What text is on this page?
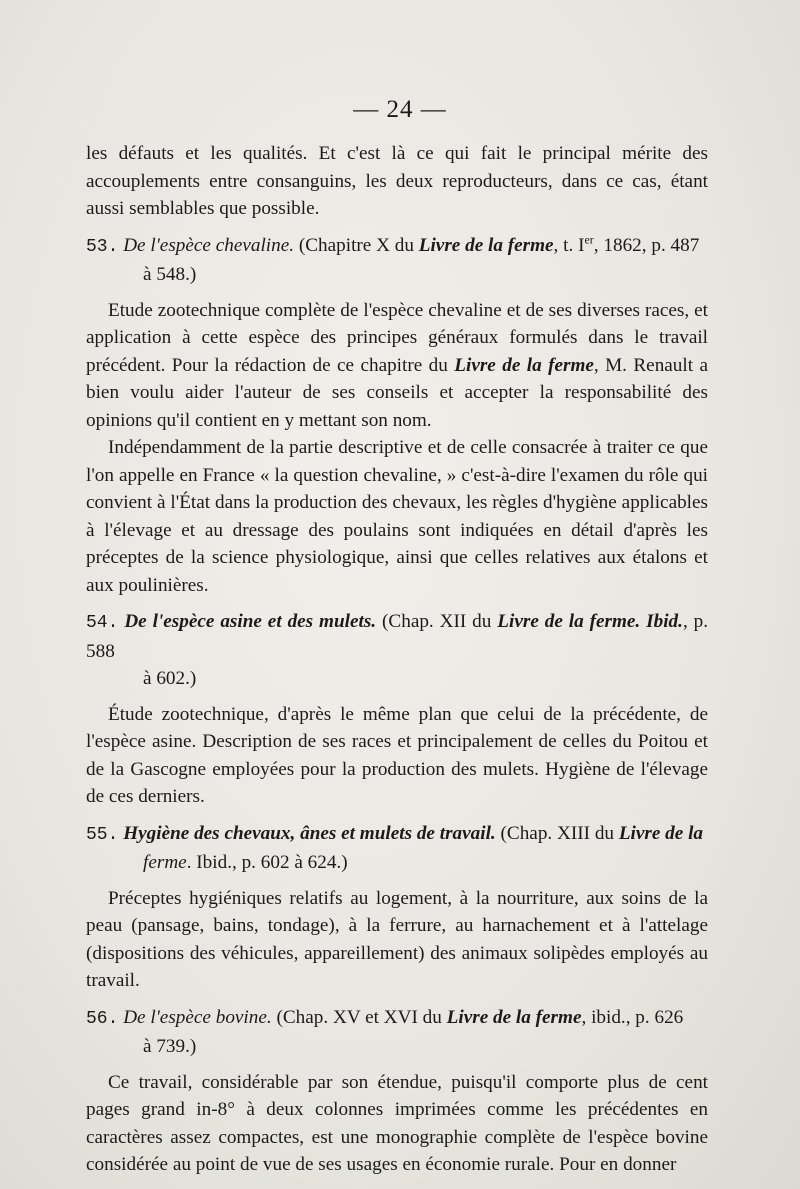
— 24 —

les défauts et les qualités. Et c'est là ce qui fait le principal mérite des accouplements entre consanguins, les deux reproducteurs, dans ce cas, étant aussi semblables que possible.

53. De l'espèce chevaline. (Chapitre X du Livre de la ferme, t. Ier, 1862, p. 487
à 548.)

Etude zootechnique complète de l'espèce chevaline et de ses diverses races, et application à cette espèce des principes généraux formulés dans le travail précédent. Pour la rédaction de ce chapitre du Livre de la ferme, M. Renault a bien voulu aider l'auteur de ses conseils et accepter la responsabilité des opinions qu'il contient en y mettant son nom.

Indépendamment de la partie descriptive et de celle consacrée à traiter ce que l'on appelle en France « la question chevaline, » c'est-à-dire l'examen du rôle qui convient à l'État dans la production des chevaux, les règles d'hygiène applicables à l'élevage et au dressage des poulains sont indiquées en détail d'après les préceptes de la science physiologique, ainsi que celles relatives aux étalons et aux poulinières.

54. De l'espèce asine et des mulets. (Chap. XII du Livre de la ferme. Ibid., p. 588
à 602.)

Étude zootechnique, d'après le même plan que celui de la précédente, de l'espèce asine. Description de ses races et principalement de celles du Poitou et de la Gascogne employées pour la production des mulets. Hygiène de l'élevage de ces derniers.

55. Hygiène des chevaux, ânes et mulets de travail. (Chap. XIII du Livre de la
ferme. Ibid., p. 602 à 624.)

Préceptes hygiéniques relatifs au logement, à la nourriture, aux soins de la peau (pansage, bains, tondage), à la ferrure, au harnachement et à l'attelage (dispositions des véhicules, appareillement) des animaux solipèdes employés au travail.

56. De l'espèce bovine. (Chap. XV et XVI du Livre de la ferme, ibid., p. 626
à 739.)

Ce travail, considérable par son étendue, puisqu'il comporte plus de cent pages grand in-8° à deux colonnes imprimées comme les précédentes en caractères assez compactes, est une monographie complète de l'espèce bovine considérée au point de vue de ses usages en économie rurale. Pour en donner
